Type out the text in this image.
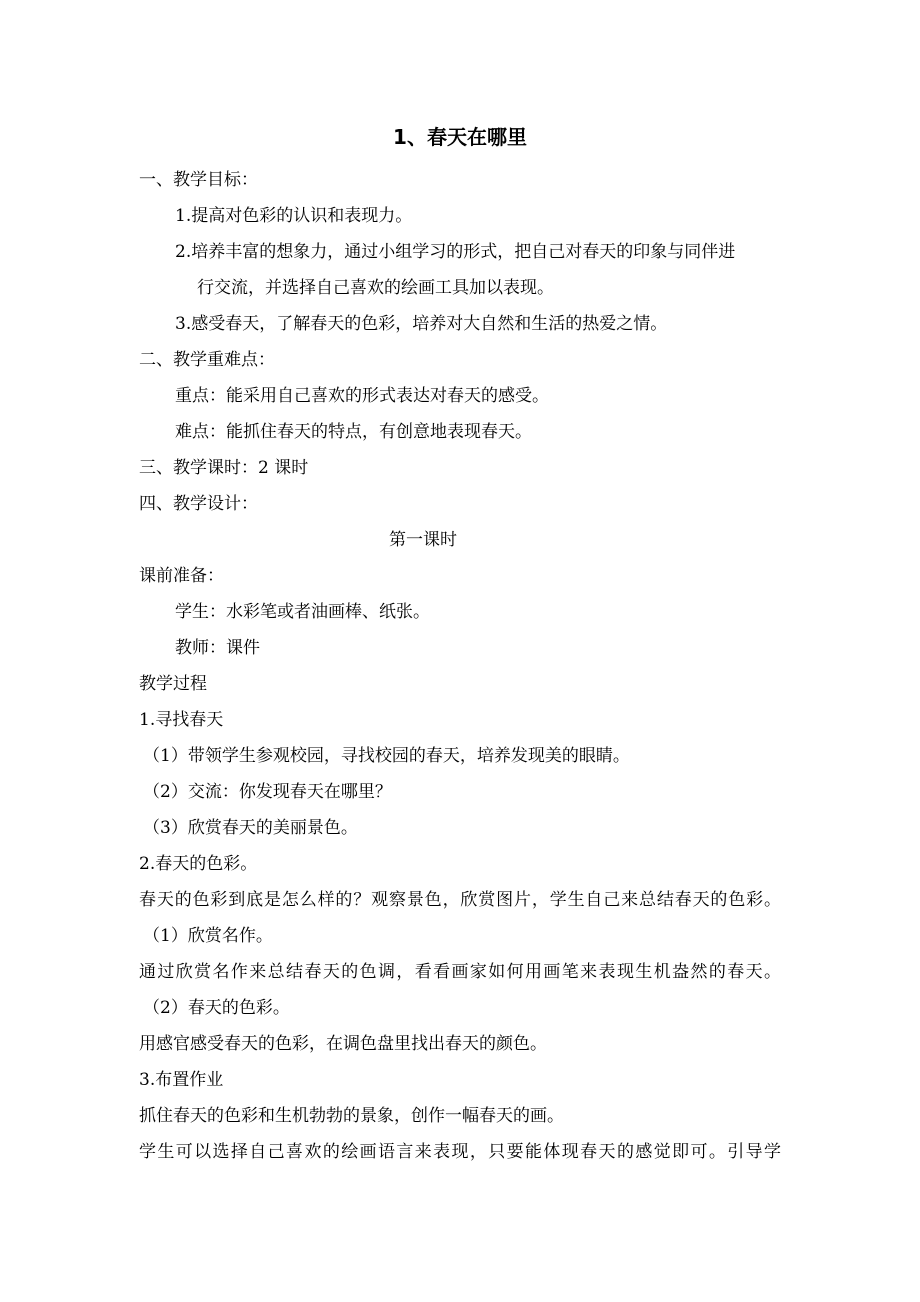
1、春天在哪里
一、教学目标：
1.提高对色彩的认识和表现力。
2.培养丰富的想象力，通过小组学习的形式，把自己对春天的印象与同伴进
行交流，并选择自己喜欢的绘画工具加以表现。
3.感受春天，了解春天的色彩，培养对大自然和生活的热爱之情。
二、教学重难点：
重点：能采用自己喜欢的形式表达对春天的感受。
难点：能抓住春天的特点，有创意地表现春天。
三、教学课时：2 课时
四、教学设计：
第一课时
课前准备：
学生：水彩笔或者油画棒、纸张。
教师：课件
教学过程
1.寻找春天
（1）带领学生参观校园，寻找校园的春天，培养发现美的眼睛。
（2）交流：你发现春天在哪里？
（3）欣赏春天的美丽景色。
2.春天的色彩。
春天的色彩到底是怎么样的？观察景色，欣赏图片，学生自己来总结春天的色彩。
（1）欣赏名作。
通过欣赏名作来总结春天的色调，看看画家如何用画笔来表现生机盎然的春天。
（2）春天的色彩。
用感官感受春天的色彩，在调色盘里找出春天的颜色。
3.布置作业
抓住春天的色彩和生机勃勃的景象，创作一幅春天的画。
学生可以选择自己喜欢的绘画语言来表现，只要能体现春天的感觉即可。引导学
